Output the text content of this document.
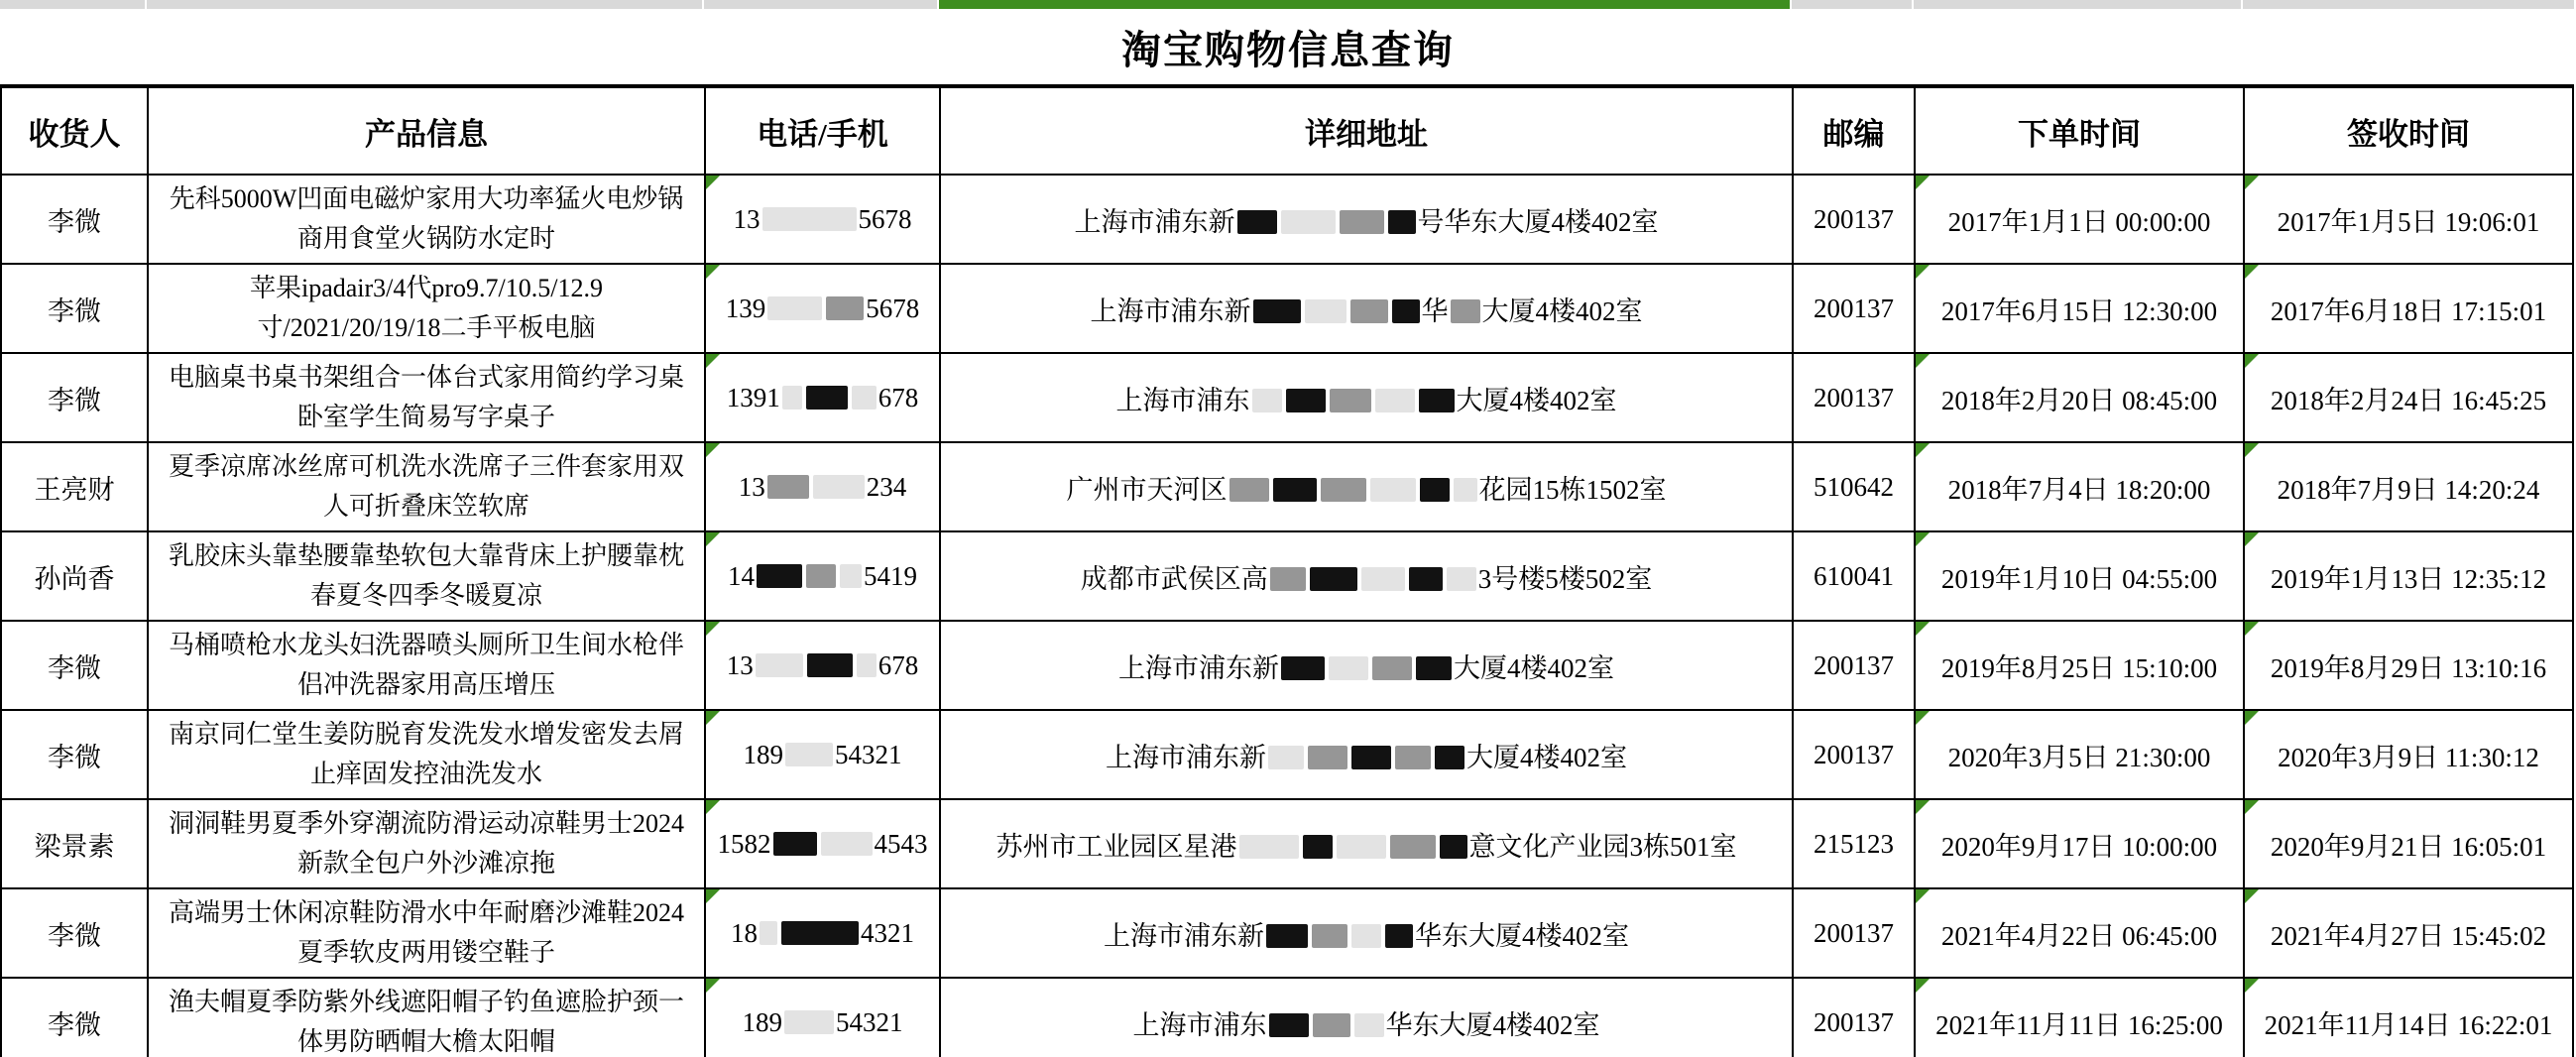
淘宝购物信息查询
收货人	产品信息	电话/手机	详细地址	邮编	下单时间	签收时间
李微	先科5000W凹面电磁炉家用大功率猛火电炒锅商用食堂火锅防水定时	13 5678	上海市浦东新 号华东大厦4楼402室	200137	2017年1月1日 00:00:00	2017年1月5日 19:06:01
李微	苹果ipadair3/4代pro9.7/10.5/12.9寸/2021/20/19/18二手平板电脑	139 5678	上海市浦东新 华 大厦4楼402室	200137	2017年6月15日 12:30:00	2017年6月18日 17:15:01
李微	电脑桌书桌书架组合一体台式家用简约学习桌卧室学生简易写字桌子	1391 678	上海市浦东 大厦4楼402室	200137	2018年2月20日 08:45:00	2018年2月24日 16:45:25
王亮财	夏季凉席冰丝席可机洗水洗席子三件套家用双人可折叠床笠软席	13 234	广州市天河区 花园15栋1502室	510642	2018年7月4日 18:20:00	2018年7月9日 14:20:24
孙尚香	乳胶床头靠垫腰靠垫软包大靠背床上护腰靠枕春夏冬四季冬暖夏凉	14 5419	成都市武侯区高 3号楼5楼502室	610041	2019年1月10日 04:55:00	2019年1月13日 12:35:12
李微	马桶喷枪水龙头妇洗器喷头厕所卫生间水枪伴侣冲洗器家用高压增压	13 678	上海市浦东新 大厦4楼402室	200137	2019年8月25日 15:10:00	2019年8月29日 13:10:16
李微	南京同仁堂生姜防脱育发洗发水增发密发去屑止痒固发控油洗发水	189 54321	上海市浦东新 大厦4楼402室	200137	2020年3月5日 21:30:00	2020年3月9日 11:30:12
梁景素	洞洞鞋男夏季外穿潮流防滑运动凉鞋男士2024新款全包户外沙滩凉拖	1582 4543	苏州市工业园区星港 意文化产业园3栋501室	215123	2020年9月17日 10:00:00	2020年9月21日 16:05:01
李微	高端男士休闲凉鞋防滑水中年耐磨沙滩鞋2024夏季软皮两用镂空鞋子	18 4321	上海市浦东新 华东大厦4楼402室	200137	2021年4月22日 06:45:00	2021年4月27日 15:45:02
李微	渔夫帽夏季防紫外线遮阳帽子钓鱼遮脸护颈一体男防晒帽大檐太阳帽	189 54321	上海市浦东 华东大厦4楼402室	200137	2021年11月11日 16:25:00	2021年11月14日 16:22:01
